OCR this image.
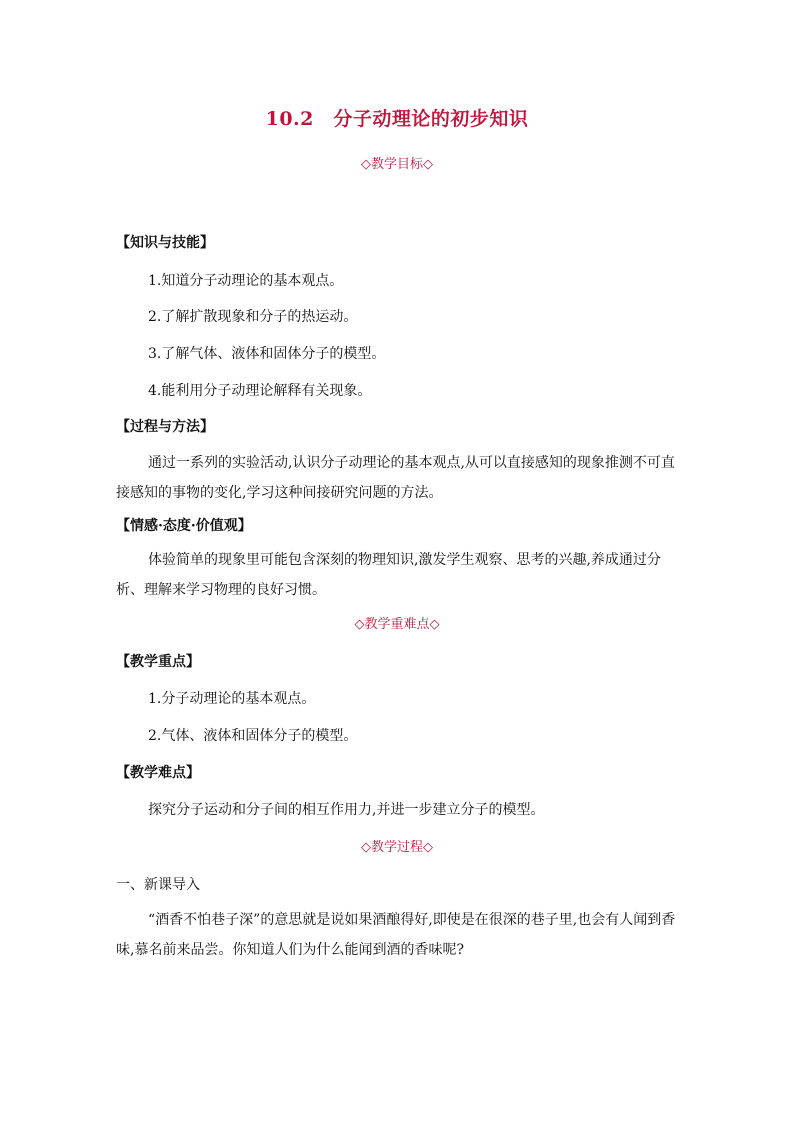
10.2　分子动理论的初步知识
◇教学目标◇
【知识与技能】
1.知道分子动理论的基本观点。
2.了解扩散现象和分子的热运动。
3.了解气体、液体和固体分子的模型。
4.能利用分子动理论解释有关现象。
【过程与方法】
通过一系列的实验活动,认识分子动理论的基本观点,从可以直接感知的现象推测不可直接感知的事物的变化,学习这种间接研究问题的方法。
【情感·态度·价值观】
体验简单的现象里可能包含深刻的物理知识,激发学生观察、思考的兴趣,养成通过分析、理解来学习物理的良好习惯。
◇教学重难点◇
【教学重点】
1.分子动理论的基本观点。
2.气体、液体和固体分子的模型。
【教学难点】
探究分子运动和分子间的相互作用力,并进一步建立分子的模型。
◇教学过程◇
一、新课导入
“酒香不怕巷子深”的意思就是说如果酒酿得好,即使是在很深的巷子里,也会有人闻到香味,慕名前来品尝。你知道人们为什么能闻到酒的香味呢?
